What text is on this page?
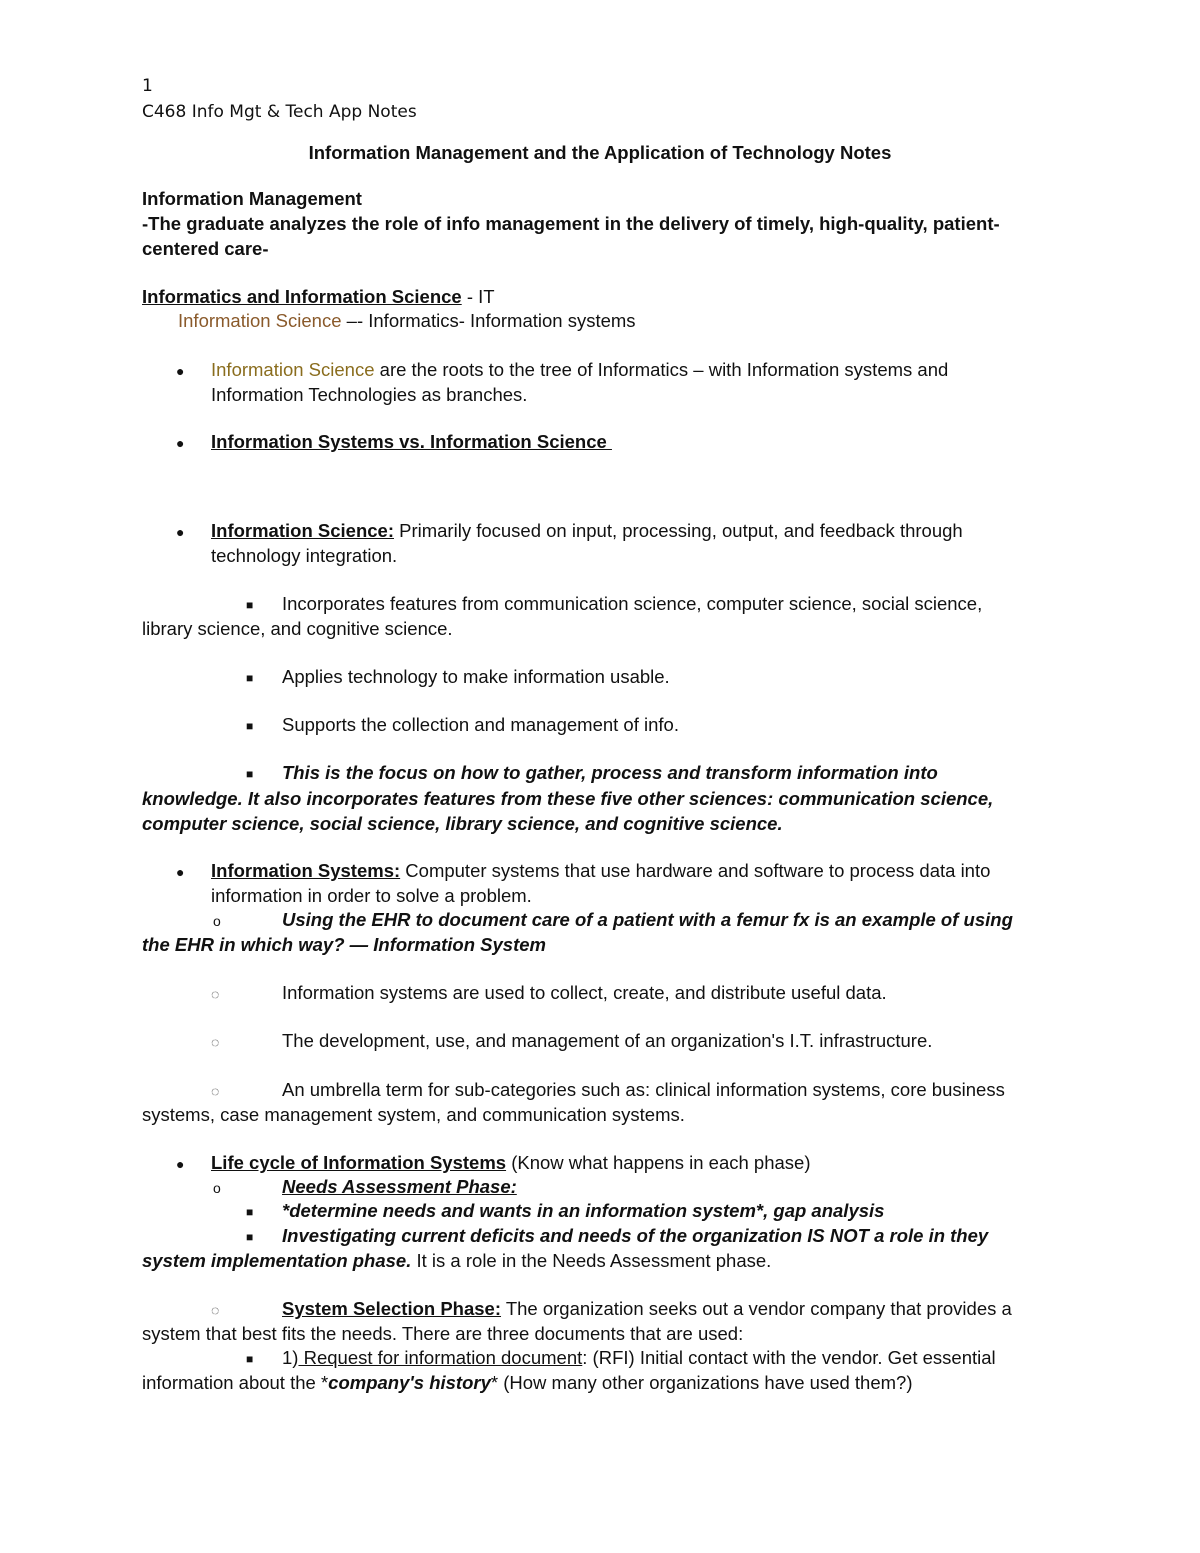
1
C468 Info Mgt & Tech App Notes
Information Management and the Application of Technology Notes
Information Management
-The graduate analyzes the role of info management in the delivery of timely, high-quality, patient-
centered care-
Informatics and Information Science - IT
Information Science –- Informatics- Information systems
● Information Science are the roots to the tree of Informatics – with Information systems and
Information Technologies as branches.
● Information Systems vs. Information Science
● Information Science: Primarily focused on input, processing, output, and feedback through
technology integration.
■ Incorporates features from communication science, computer science, social science,
library science, and cognitive science.
■ Applies technology to make information usable.
■ Supports the collection and management of info.
■ This is the focus on how to gather, process and transform information into
knowledge. It also incorporates features from these five other sciences: communication science,
computer science, social science, library science, and cognitive science.
● Information Systems: Computer systems that use hardware and software to process data into
information in order to solve a problem.
o	Using the EHR to document care of a patient with a femur fx is an example of using
the EHR in which way? — Information System
◌	Information systems are used to collect, create, and distribute useful data.
◌	The development, use, and management of an organization's I.T. infrastructure.
◌	An umbrella term for sub-categories such as: clinical information systems, core business
systems, case management system, and communication systems.
● Life cycle of Information Systems (Know what happens in each phase)
o	Needs Assessment Phase:
■ *determine needs and wants in an information system*, gap analysis
■ Investigating current deficits and needs of the organization IS NOT a role in they
system implementation phase. It is a role in the Needs Assessment phase.
◌	System Selection Phase: The organization seeks out a vendor company that provides a
system that best fits the needs. There are three documents that are used:
■ 1) Request for information document: (RFI) Initial contact with the vendor. Get essential
information about the *company's history* (How many other organizations have used them?)
